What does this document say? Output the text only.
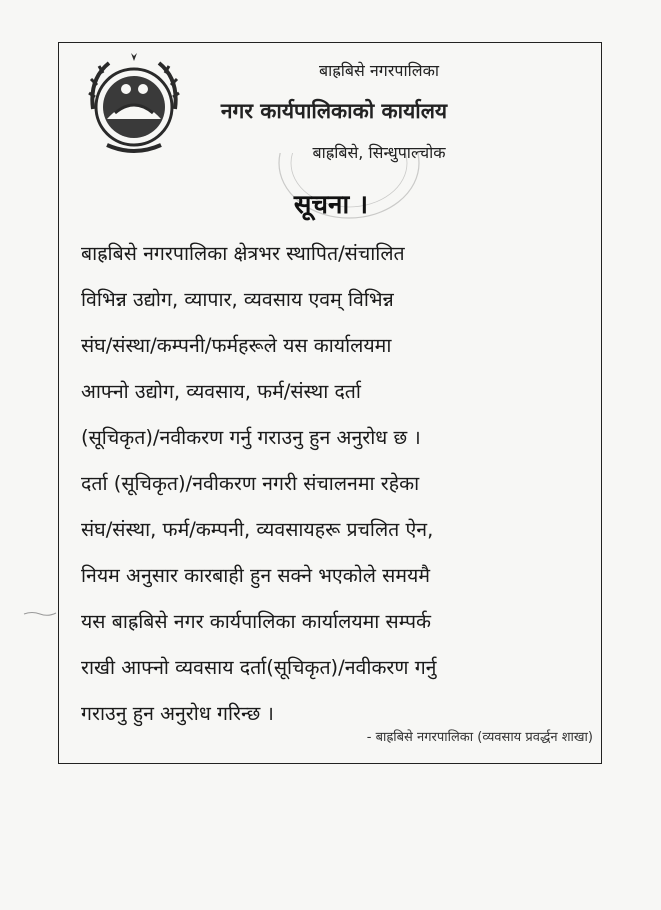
बाह्रबिसे नगरपालिका
नगर कार्यपालिकाको कार्यालय
बाह्रबिसे, सिन्धुपाल्चोक
सूचना ।
बाह्रबिसे नगरपालिका क्षेत्रभर स्थापित/संचालित
विभिन्न उद्योग, व्यापार, व्यवसाय एवम् विभिन्न
संघ/संस्था/कम्पनी/फर्महरूले यस कार्यालयमा
आफ्नो उद्योग, व्यवसाय, फर्म/संस्था दर्ता
(सूचिकृत)/नवीकरण गर्नु गराउनु हुन अनुरोध छ ।
दर्ता (सूचिकृत)/नवीकरण नगरी संचालनमा रहेका
संघ/संस्था, फर्म/कम्पनी, व्यवसायहरू प्रचलित ऐन,
नियम अनुसार कारबाही हुन सक्ने भएकोले समयमै
यस बाह्रबिसे नगर कार्यपालिका कार्यालयमा सम्पर्क
राखी आफ्नो व्यवसाय दर्ता(सूचिकृत)/नवीकरण गर्नु
गराउनु हुन अनुरोध गरिन्छ ।
- बाह्रबिसे नगरपालिका (व्यवसाय प्रवर्द्धन शाखा)
